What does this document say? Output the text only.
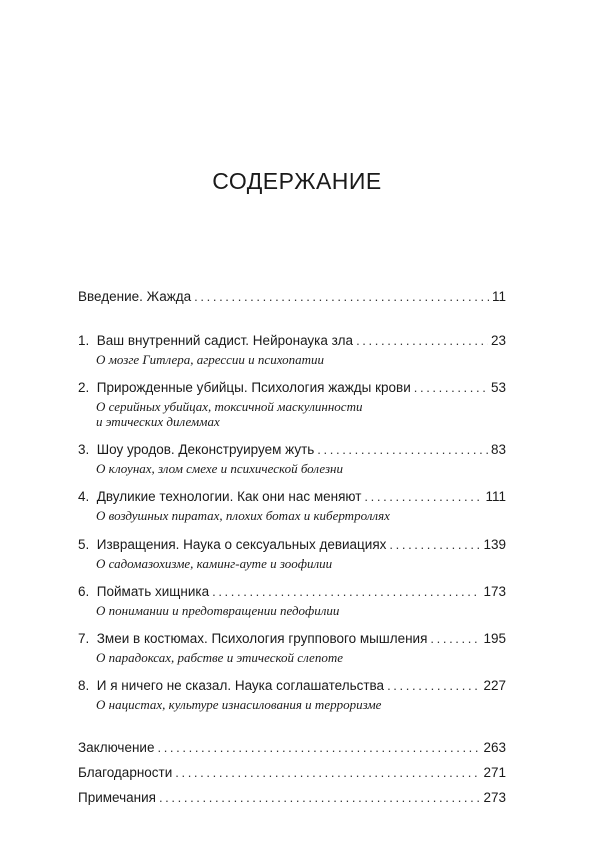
СОДЕРЖАНИЕ
Введение. Жажда . . .	11
1. Ваш внутренний садист. Нейронаука зла . . .	23
О мозге Гитлера, агрессии и психопатии
2. Прирожденные убийцы. Психология жажды крови . . .	53
О серийных убийцах, токсичной маскулинности
и этических дилеммах
3. Шоу уродов. Деконструируем жуть . . .	83
О клоунах, злом смехе и психической болезни
4. Двуликие технологии. Как они нас меняют . . .	111
О воздушных пиратах, плохих ботах и кибертроллях
5. Извращения. Наука о сексуальных девиациях . . .	139
О садомазохизме, каминг-ауте и зоофилии
6. Поймать хищника . . .	173
О понимании и предотвращении педофилии
7. Змеи в костюмах. Психология группового мышления . . .	195
О парадоксах, рабстве и этической слепоте
8. И я ничего не сказал. Наука соглашательства . . .	227
О нацистах, культуре изнасилования и терроризме
Заключение . . .	263
Благодарности . . .	271
Примечания . . .	273
